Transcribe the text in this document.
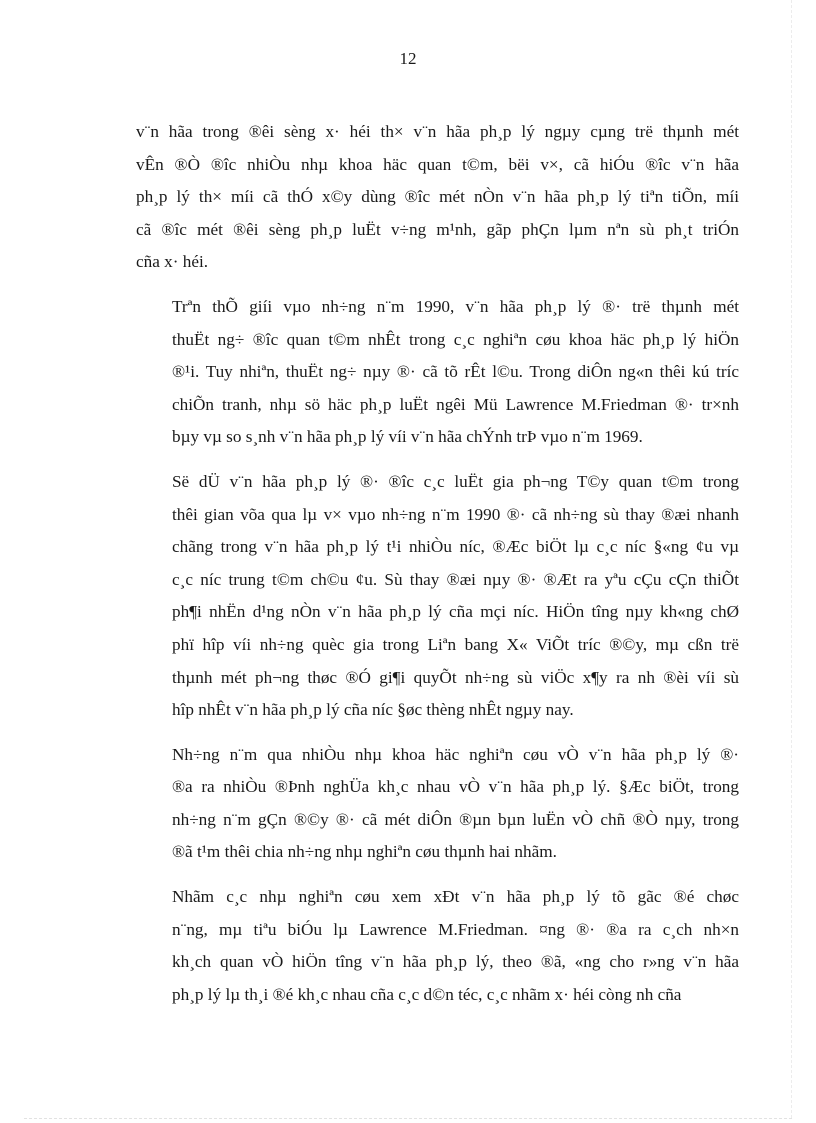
12
v¨n hãa trong ®êi sèng x· héi th× v¨n hãa ph¸p lý ngµy cµng trë thµnh mét
vÊn ®Ò ®îc nhiÒu nhµ khoa häc quan t©m, bëi v×, cã hiÓu ®îc v¨n hãa
ph¸p lý th× míi cã thÓ x©y dùng ®îc mét nÒn v¨n hãa ph¸p lý tiªn tiÕn, míi
cã ®îc mét ®êi sèng ph¸p luËt v÷ng m¹nh, gãp phÇn lµm nªn sù ph¸t triÓn
cña x· héi.
Trªn thÕ giíi vµo nh÷ng n¨m 1990, v¨n hãa ph¸p lý ®· trë thµnh mét
thuËt ng÷ ®îc quan t©m nhÊt trong c¸c nghiªn cøu khoa häc ph¸p lý hiÖn
®¹i. Tuy nhiªn, thuËt ng÷ nµy ®· cã tõ rÊt l©u. Trong diÔn ng«n thêi kú tríc
chiÕn tranh, nhµ sö häc ph¸p luËt ngêi Mü Lawrence M.Friedman ®· tr×nh
bµy vµ so s¸nh v¨n hãa ph¸p lý víi v¨n hãa chÝnh trÞ vµo n¨m 1969.
Së dÜ v¨n hãa ph¸p lý ®· ®îc c¸c luËt gia ph¬ng T©y quan t©m trong
thêi gian võa qua lµ v× vµo nh÷ng n¨m 1990 ®· cã nh÷ng sù thay ®æi nhanh
chãng trong v¨n hãa ph¸p lý t¹i nhiÒu níc, ®Æc biÖt lµ c¸c níc §«ng ¢u vµ
c¸c níc trung t©m ch©u ¢u. Sù thay ®æi nµy ®· ®Æt ra yªu cÇu cÇn thiÕt
ph¶i nhËn d¹ng nÒn v¨n hãa ph¸p lý cña mçi níc. HiÖn tîng nµy kh«ng chØ
phï hîp víi nh÷ng quèc gia trong Liªn bang X« ViÕt tríc ®©y, mµ cßn trë
thµnh mét ph¬ng thøc ®Ó gi¶i quyÕt nh÷ng sù viÖc x¶y ra nh ®èi víi sù
hîp nhÊt v¨n hãa ph¸p lý cña níc §øc thèng nhÊt ngµy nay.
Nh÷ng n¨m qua nhiÒu nhµ khoa häc nghiªn cøu vÒ v¨n hãa ph¸p lý ®·
®a ra nhiÒu ®Þnh nghÜa kh¸c nhau vÒ v¨n hãa ph¸p lý. §Æc biÖt, trong
nh÷ng n¨m gÇn ®©y ®· cã mét diÔn ®µn bµn luËn vÒ chñ ®Ò nµy, trong
®ã t¹m thêi chia nh÷ng nhµ nghiªn cøu thµnh hai nhãm.
Nhãm c¸c nhµ nghiªn cøu xem xÐt v¨n hãa ph¸p lý tõ gãc ®é chøc
n¨ng, mµ tiªu biÓu lµ Lawrence M.Friedman. ¤ng ®· ®a ra c¸ch nh×n
kh¸ch quan vÒ hiÖn tîng v¨n hãa ph¸p lý, theo ®ã, «ng cho r»ng v¨n hãa
ph¸p lý lµ th¸i ®é kh¸c nhau cña c¸c d©n téc, c¸c nhãm x· héi còng nh cña
